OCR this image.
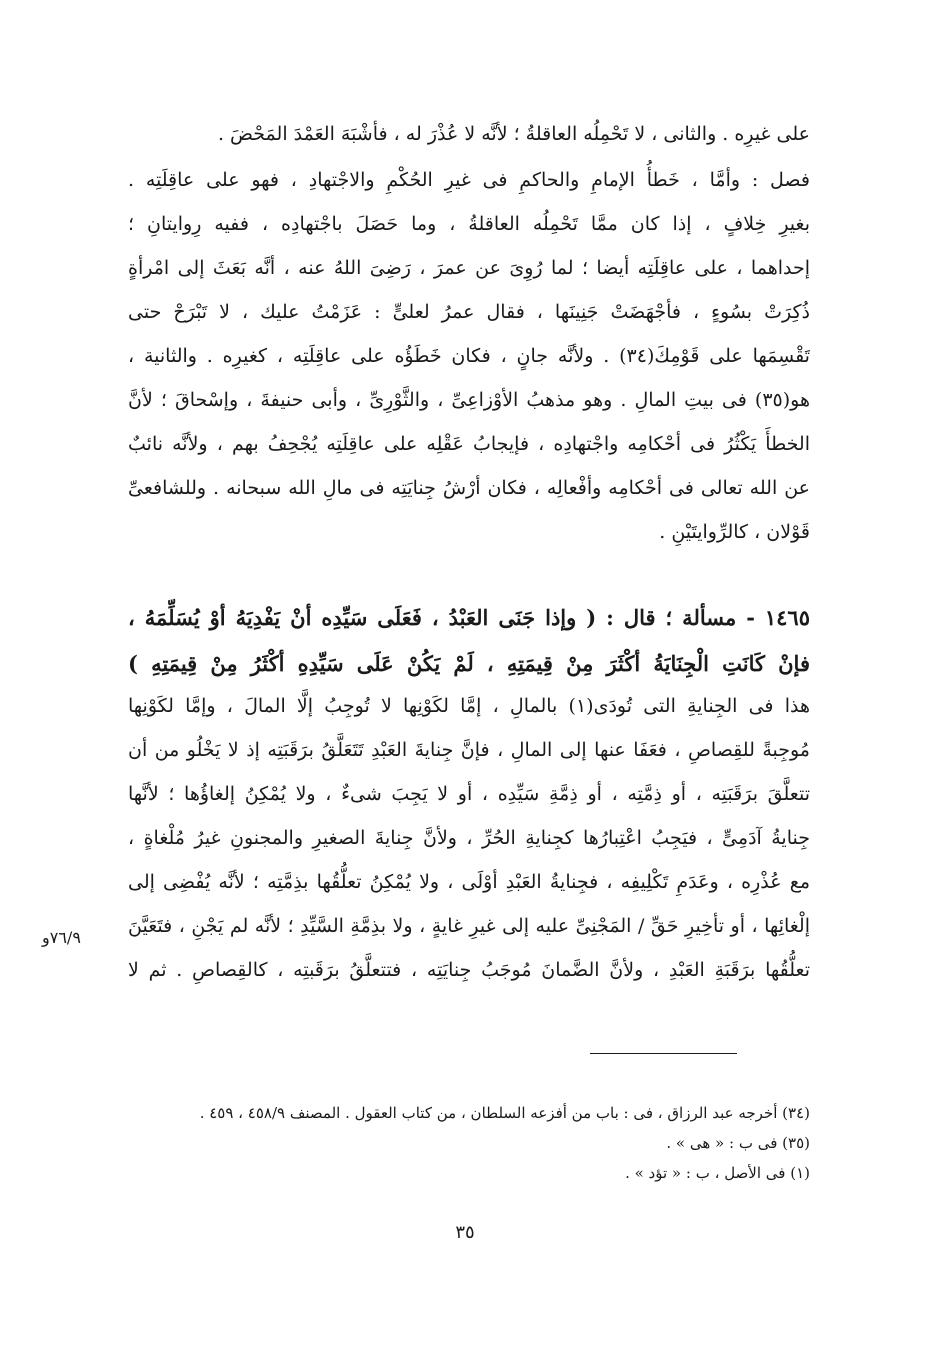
على غيرِه . والثانى ، لا تَحْمِلُه العاقلةُ ؛ لأنَّه لا عُذْرَ له ، فأشْبَهَ العَمْدَ المَحْضَ .
فصل : وأمَّا ، خَطأُ الإمامِ والحاكمِ فى غيرِ الحُكْمِ والاجْتهادِ ، فهو على عاقِلَتِه .
بغيرِ خِلافٍ ، إذا كان ممَّا تَحْمِلُه العاقلةُ ، وما حَصَلَ باجْتهادِه ، ففيه رِوايتانِ ؛
إحداهما ، على عاقِلَتِه أيضا ؛ لما رُوِىَ عن عمرَ ، رَضِىَ اللهُ عنه ، أنَّه بَعَثَ إلى امْرأةٍ
ذُكِرَتْ بسُوءٍ ، فأجْهَضَتْ جَنِينَها ، فقال عمرُ لعلىٍّ : عَزَمْتُ عليك ، لا تَبْرَحْ حتى
تَقْسِمَها على قَوْمِكَ(٣٤) . ولأنَّه جانٍ ، فكان خَطَؤُه على عاقِلَتِه ، كغيرِه . والثانية ،
هو(٣٥) فى بيتِ المالِ . وهو مذهبُ الأوْزاعِىِّ ، والثَّوْرِىِّ ، وأبى حنيفةَ ، وإسْحاقَ ؛ لأنَّ
الخطأَ يَكْثُرُ فى أحْكامِه واجْتهادِه ، فإيجابُ عَقْلِه على عاقِلَتِه يُجْحِفُ بهم ، ولأنَّه نائبٌ
عن الله تعالى فى أحْكامِه وأفْعالِه ، فكان أرْشُ جِنايَتِه فى مالِ الله سبحانه . وللشافعىِّ
قَوْلان ، كالرِّوايتَيْنِ .
١٤٦٥ - مسألة ؛ قال : ( وإذا جَنَى العَبْدُ ، فَعَلَى سَيِّدِه أنْ يَفْدِيَهُ أوْ يُسَلِّمَهُ ،
فإنْ كَانَتِ الْجِنَايَةُ أكْثَرَ مِنْ قِيمَتِهِ ، لَمْ يَكُنْ عَلَى سَيِّدِهِ أكْثَرُ مِنْ قِيمَتِهِ )
هذا فى الجِنايةِ التى تُودَى(١) بالمالِ ، إمَّا لكَوْنِها لا تُوجِبُ إلَّا المالَ ، وإمَّا لكَوْنِها
مُوجِبةً للقِصاصِ ، فعَفَا عنها إلى المالِ ، فإنَّ جِنايةَ العَبْدِ تَتَعَلَّقُ برَقَبَتِه إذ لا يَخْلُو من أن
تتعلَّقَ برَقَبَتِه ، أو ذِمَّتِه ، أو ذِمَّةِ سَيِّدِه ، أو لا يَجِبَ شىءٌ ، ولا يُمْكِنُ إلغاؤُها ؛ لأنَّها
جِنايةُ آدَمِىٍّ ، فيَجِبُ اعْتِبارُها كجِنايةِ الحُرِّ ، ولأنَّ جِنايةَ الصغيرِ والمجنونِ غيرُ مُلْغاةٍ ،
مع عُذْرِه ، وعَدَمِ تَكْلِيفِه ، فجِنايةُ العَبْدِ أوْلَى ، ولا يُمْكِنُ تعلُّقُها بذِمَّتِه ؛ لأنَّه يُفْضِى إلى
إلْغائِها ، أو تأخِيرِ حَقِّ / المَجْنِىِّ عليه إلى غيرِ غايةٍ ، ولا بذِمَّةِ السَّيِّدِ ؛ لأنَّه لم يَجْنِ ، فتَعَيَّنَ
تعلُّقُها برَقَبَةِ العَبْدِ ، ولأنَّ الضَّمانَ مُوجَبُ جِنايَتِه ، فتتعلَّقُ برَقَبتِه ، كالقِصاصِ . ثم لا
٧٦/٩و
(٣٤) أخرجه عبد الرزاق ، فى : باب من أفزعه السلطان ، من كتاب العقول . المصنف ٤٥٨/٩ ، ٤٥٩ .
(٣٥) فى ب : « هى » .
(١) فى الأصل ، ب : « تؤد » .
٣٥
